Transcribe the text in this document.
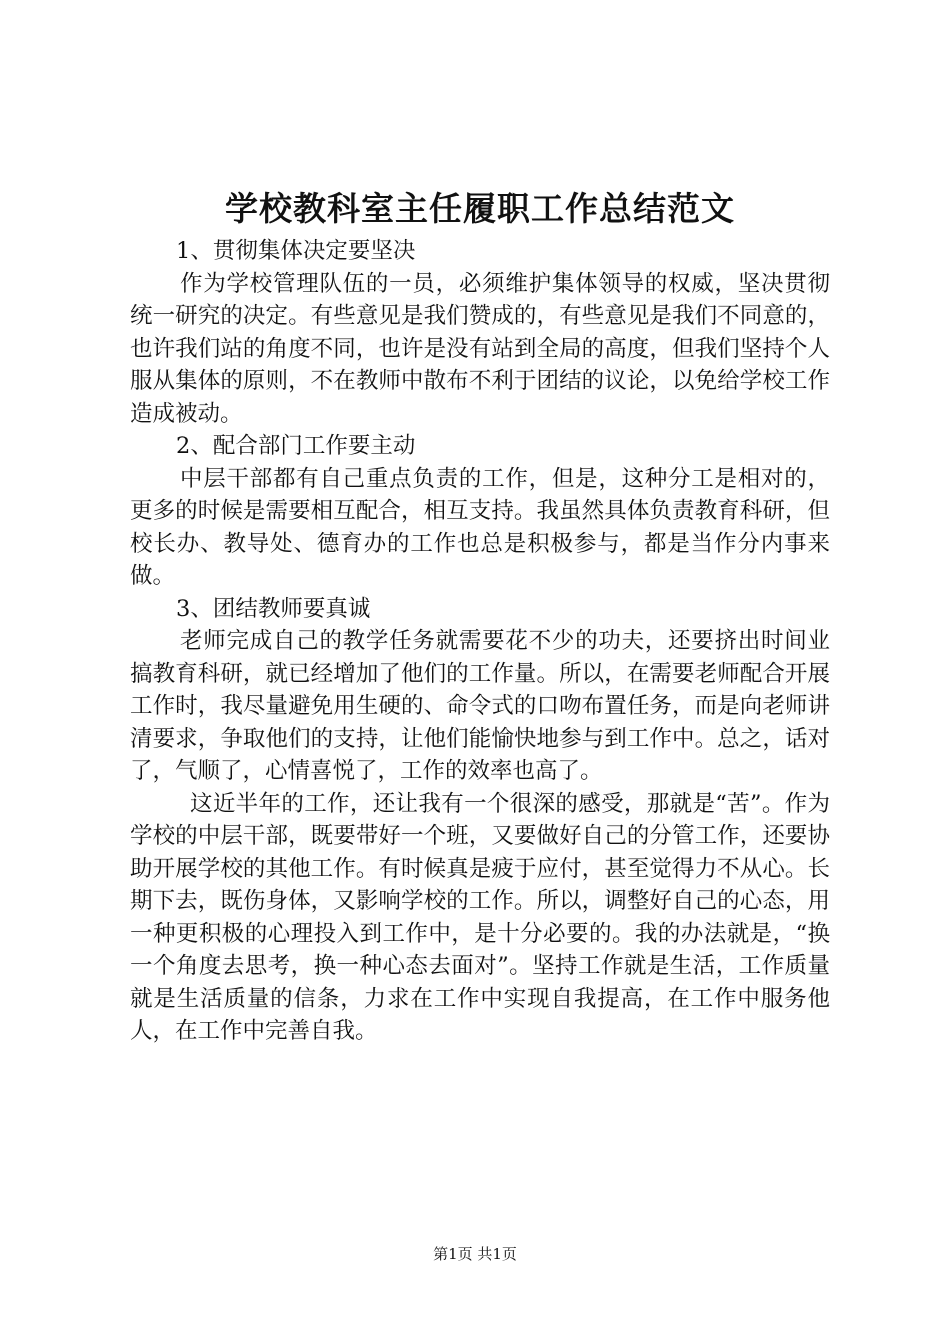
学校教科室主任履职工作总结范文

1、贯彻集体决定要坚决

作为学校管理队伍的一员，必须维护集体领导的权威，坚决贯彻统一研究的决定。有些意见是我们赞成的，有些意见是我们不同意的，也许我们站的角度不同，也许是没有站到全局的高度，但我们坚持个人服从集体的原则，不在教师中散布不利于团结的议论，以免给学校工作造成被动。

2、配合部门工作要主动

中层干部都有自己重点负责的工作，但是，这种分工是相对的，更多的时候是需要相互配合，相互支持。我虽然具体负责教育科研，但校长办、教导处、德育办的工作也总是积极参与，都是当作分内事来做。

3、团结教师要真诚

老师完成自己的教学任务就需要花不少的功夫，还要挤出时间业搞教育科研，就已经增加了他们的工作量。所以，在需要老师配合开展工作时，我尽量避免用生硬的、命令式的口吻布置任务，而是向老师讲清要求，争取他们的支持，让他们能愉快地参与到工作中。总之，话对了，气顺了，心情喜悦了，工作的效率也高了。

这近半年的工作，还让我有一个很深的感受，那就是“苦”。作为学校的中层干部，既要带好一个班，又要做好自己的分管工作，还要协助开展学校的其他工作。有时候真是疲于应付，甚至觉得力不从心。长期下去，既伤身体，又影响学校的工作。所以，调整好自己的心态，用一种更积极的心理投入到工作中，是十分必要的。我的办法就是，“换一个角度去思考，换一种心态去面对”。坚持工作就是生活，工作质量就是生活质量的信条，力求在工作中实现自我提高，在工作中服务他人，在工作中完善自我。

第1页 共1页
